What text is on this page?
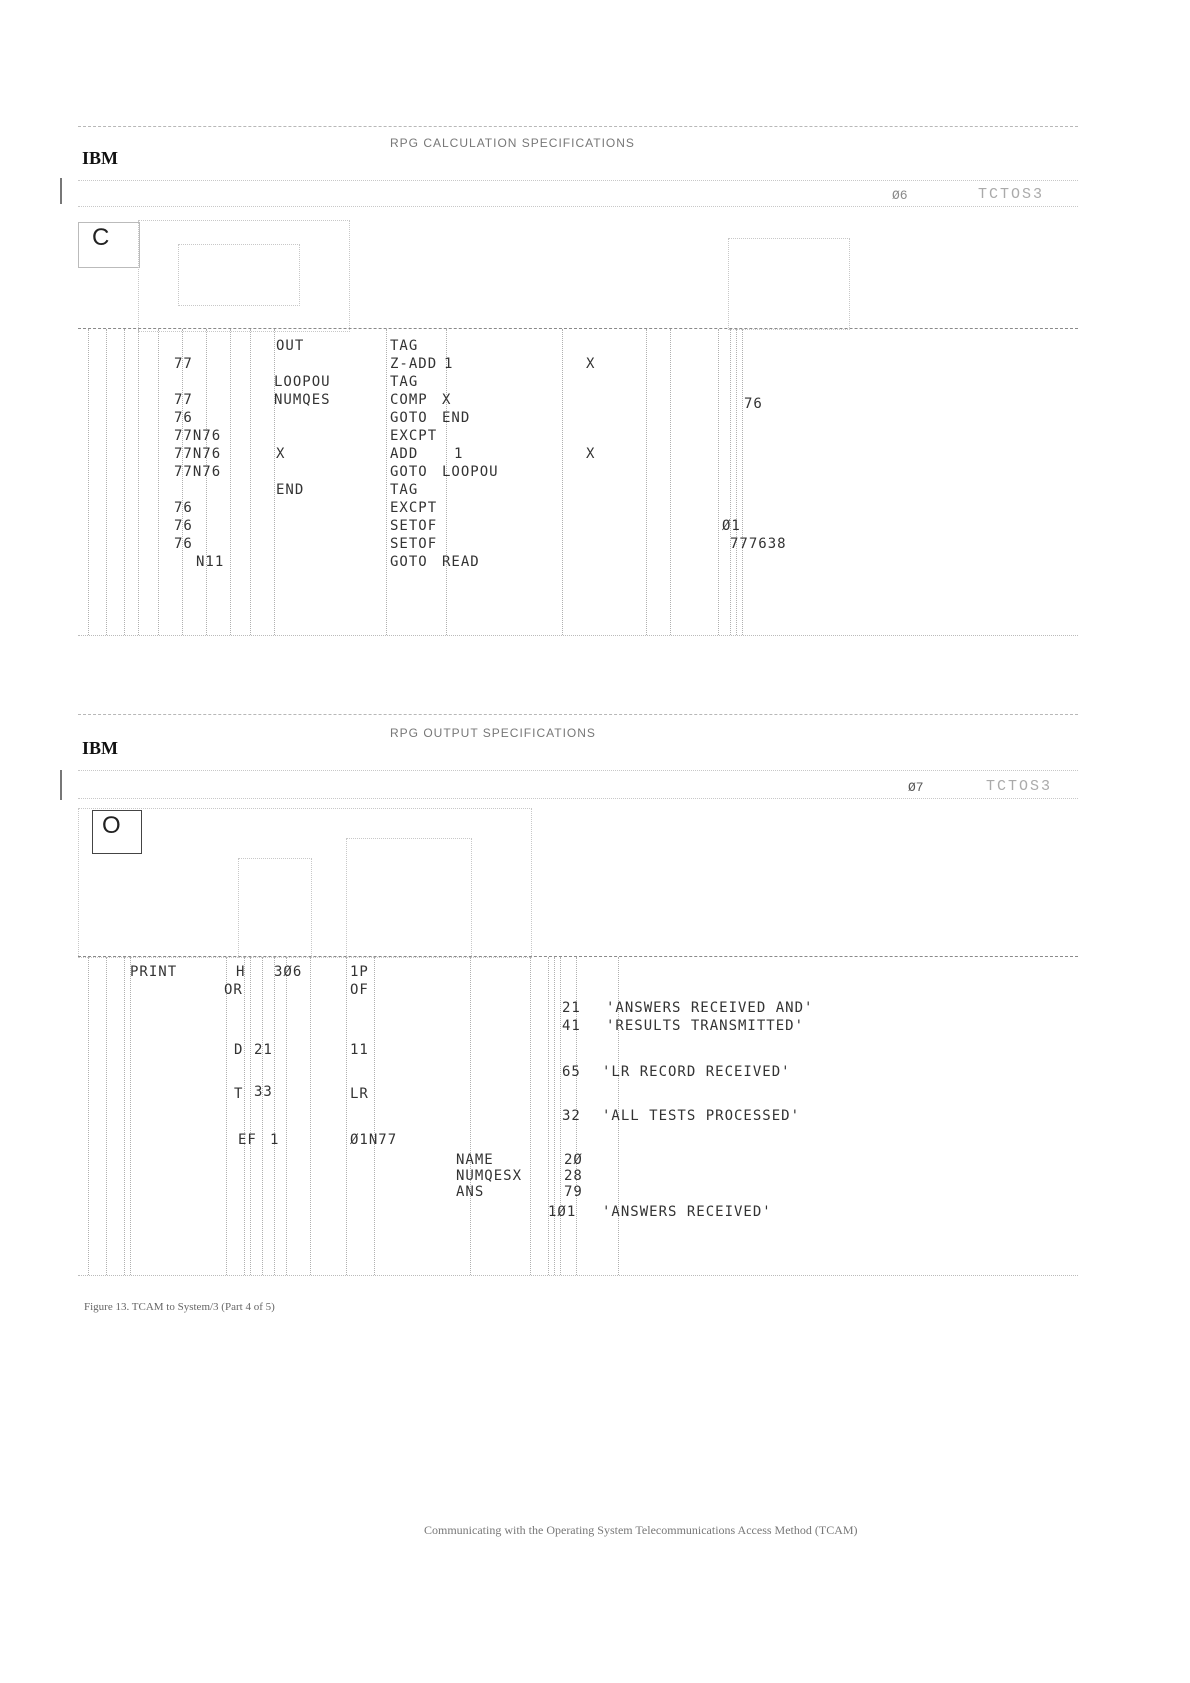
IBM
RPG CALCULATION SPECIFICATIONS
Ø6	TCTOS3
C
OUT	TAG
77	Z-ADD 1	X
LOOPOU	TAG
77	NUMQES	COMP X	76
76	GOTO END
77N76	EXCPT
77N76	X	ADD	1	X
77N76	GOTO LOOPOU
END	TAG
76	EXCPT
76	SETOF	Ø1
76	SETOF	777638
N11	GOTO READ
IBM
RPG OUTPUT SPECIFICATIONS
Ø7	TCTOS3
O
PRINT	H 3Ø6	1P
OR	OF
21 'ANSWERS RECEIVED AND'
41 'RESULTS TRANSMITTED'
D 21	11
65 'LR RECORD RECEIVED'
T 33	LR
32 'ALL TESTS PROCESSED'
EF 1	Ø1N77
NAME	2Ø
NUMQESX	28
ANS	79
1Ø1 'ANSWERS RECEIVED'
Figure 13. TCAM to System/3 (Part 4 of 5)
Communicating with the Operating System Telecommunications Access Method (TCAM)
